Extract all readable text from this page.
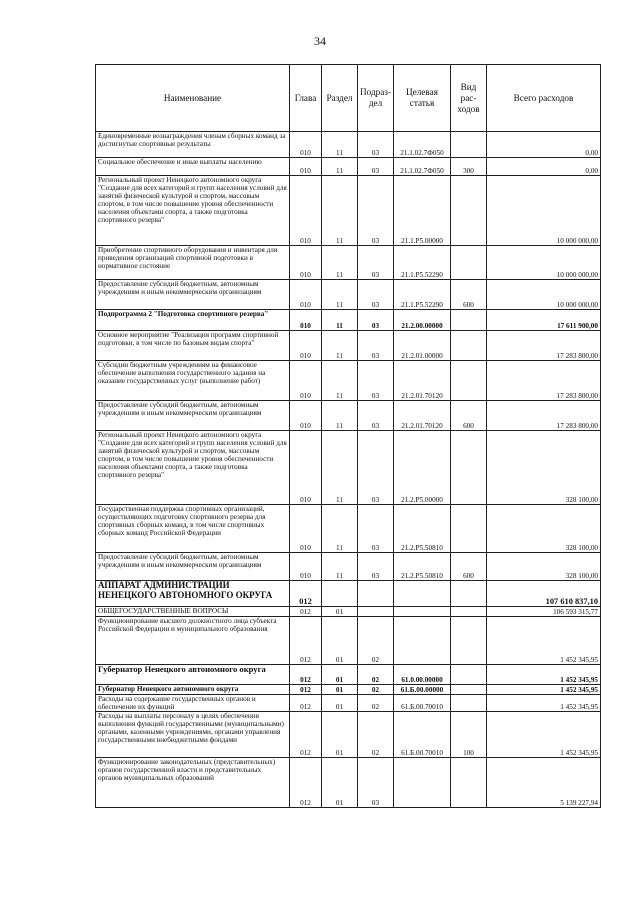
34
Наименование	Глава	Раздел	Подраз-дел	Целевая статья	Вид рас-ходов	Всего расходов
Единовременные вознаграждения членам сборных команд за достигнутые спортивные результаты	010	11	03	21.1.02.7Ф050		0,00
Социальное обеспечение и иные выплаты населению	010	11	03	21.1.02.7Ф050	300	0,00
Региональный проект Ненецкого автономного округа "Создание для всех категорий и групп населения условий для занятий физической культурой и спортом, массовым спортом, в том числе повышение уровня обеспеченности населения объектами спорта, а также подготовка спортивного резерва"	010	11	03	21.1.P5.00000		10 000 000,00
Приобретение спортивного оборудования и инвентаря для приведения организаций спортивной подготовки в нормативное состояние	010	11	03	21.1.P5.52290		10 000 000,00
Предоставление субсидий бюджетным, автономным учреждениям и иным некоммерческим организациям	010	11	03	21.1.P5.52290	600	10 000 000,00
Подпрограмма 2 "Подготовка спортивного резерва"	010	11	03	21.2.00.00000		17 611 900,00
Основное мероприятие "Реализация программ спортивной подготовки, в том числе по базовым видам спорта"	010	11	03	21.2.01.00000		17 283 800,00
Субсидии бюджетным учреждениям на финансовое обеспечение выполнения государственного задания на оказание государственных услуг (выполнение работ)	010	11	03	21.2.01.70120		17 283 800,00
Предоставление субсидий бюджетным, автономным учреждениям и иным некоммерческим организациям	010	11	03	21.2.01.70120	600	17 283 800,00
Региональный проект Ненецкого автономного округа "Создание для всех категорий и групп населения условий для занятий физической культурой и спортом, массовым спортом, в том числе повышение уровня обеспеченности населения объектами спорта, а также подготовка спортивного резерва"	010	11	03	21.2.P5.00000		328 100,00
Государственная поддержка спортивных организаций, осуществляющих подготовку спортивного резерва для спортивных сборных команд, в том числе спортивных сборных команд Российской Федерации	010	11	03	21.2.P5.50810		328 100,00
Предоставление субсидий бюджетным, автономным учреждениям и иным некоммерческим организациям	010	11	03	21.2.P5.50810	600	328 100,00
АППАРАТ АДМИНИСТРАЦИИ НЕНЕЦКОГО АВТОНОМНОГО ОКРУГА	012					107 610 837,10
ОБЩЕГОСУДАРСТВЕННЫЕ ВОПРОСЫ	012	01				106 593 315,77
Функционирование высшего должностного лица субъекта Российской Федерации и муниципального образования	012	01	02			1 452 345,95
Губернатор Ненецкого автономного округа	012	01	02	61.0.00.00000		1 452 345,95
Губернатор Ненецкого автономного округа	012	01	02	61.Б.00.00000		1 452 345,95
Расходы на содержание государственных органов и обеспечение их функций	012	01	02	61.Б.00.70010		1 452 345,95
Расходы на выплаты персоналу в целях обеспечения выполнения функций государственными (муниципальными) органами, казенными учреждениями, органами управления государственными внебюджетными фондами	012	01	02	61.Б.00.70010	100	1 452 345,95
Функционирование законодательных (представительных) органов государственной власти и представительных органов муниципальных образований	012	01	03			5 139 227,94
